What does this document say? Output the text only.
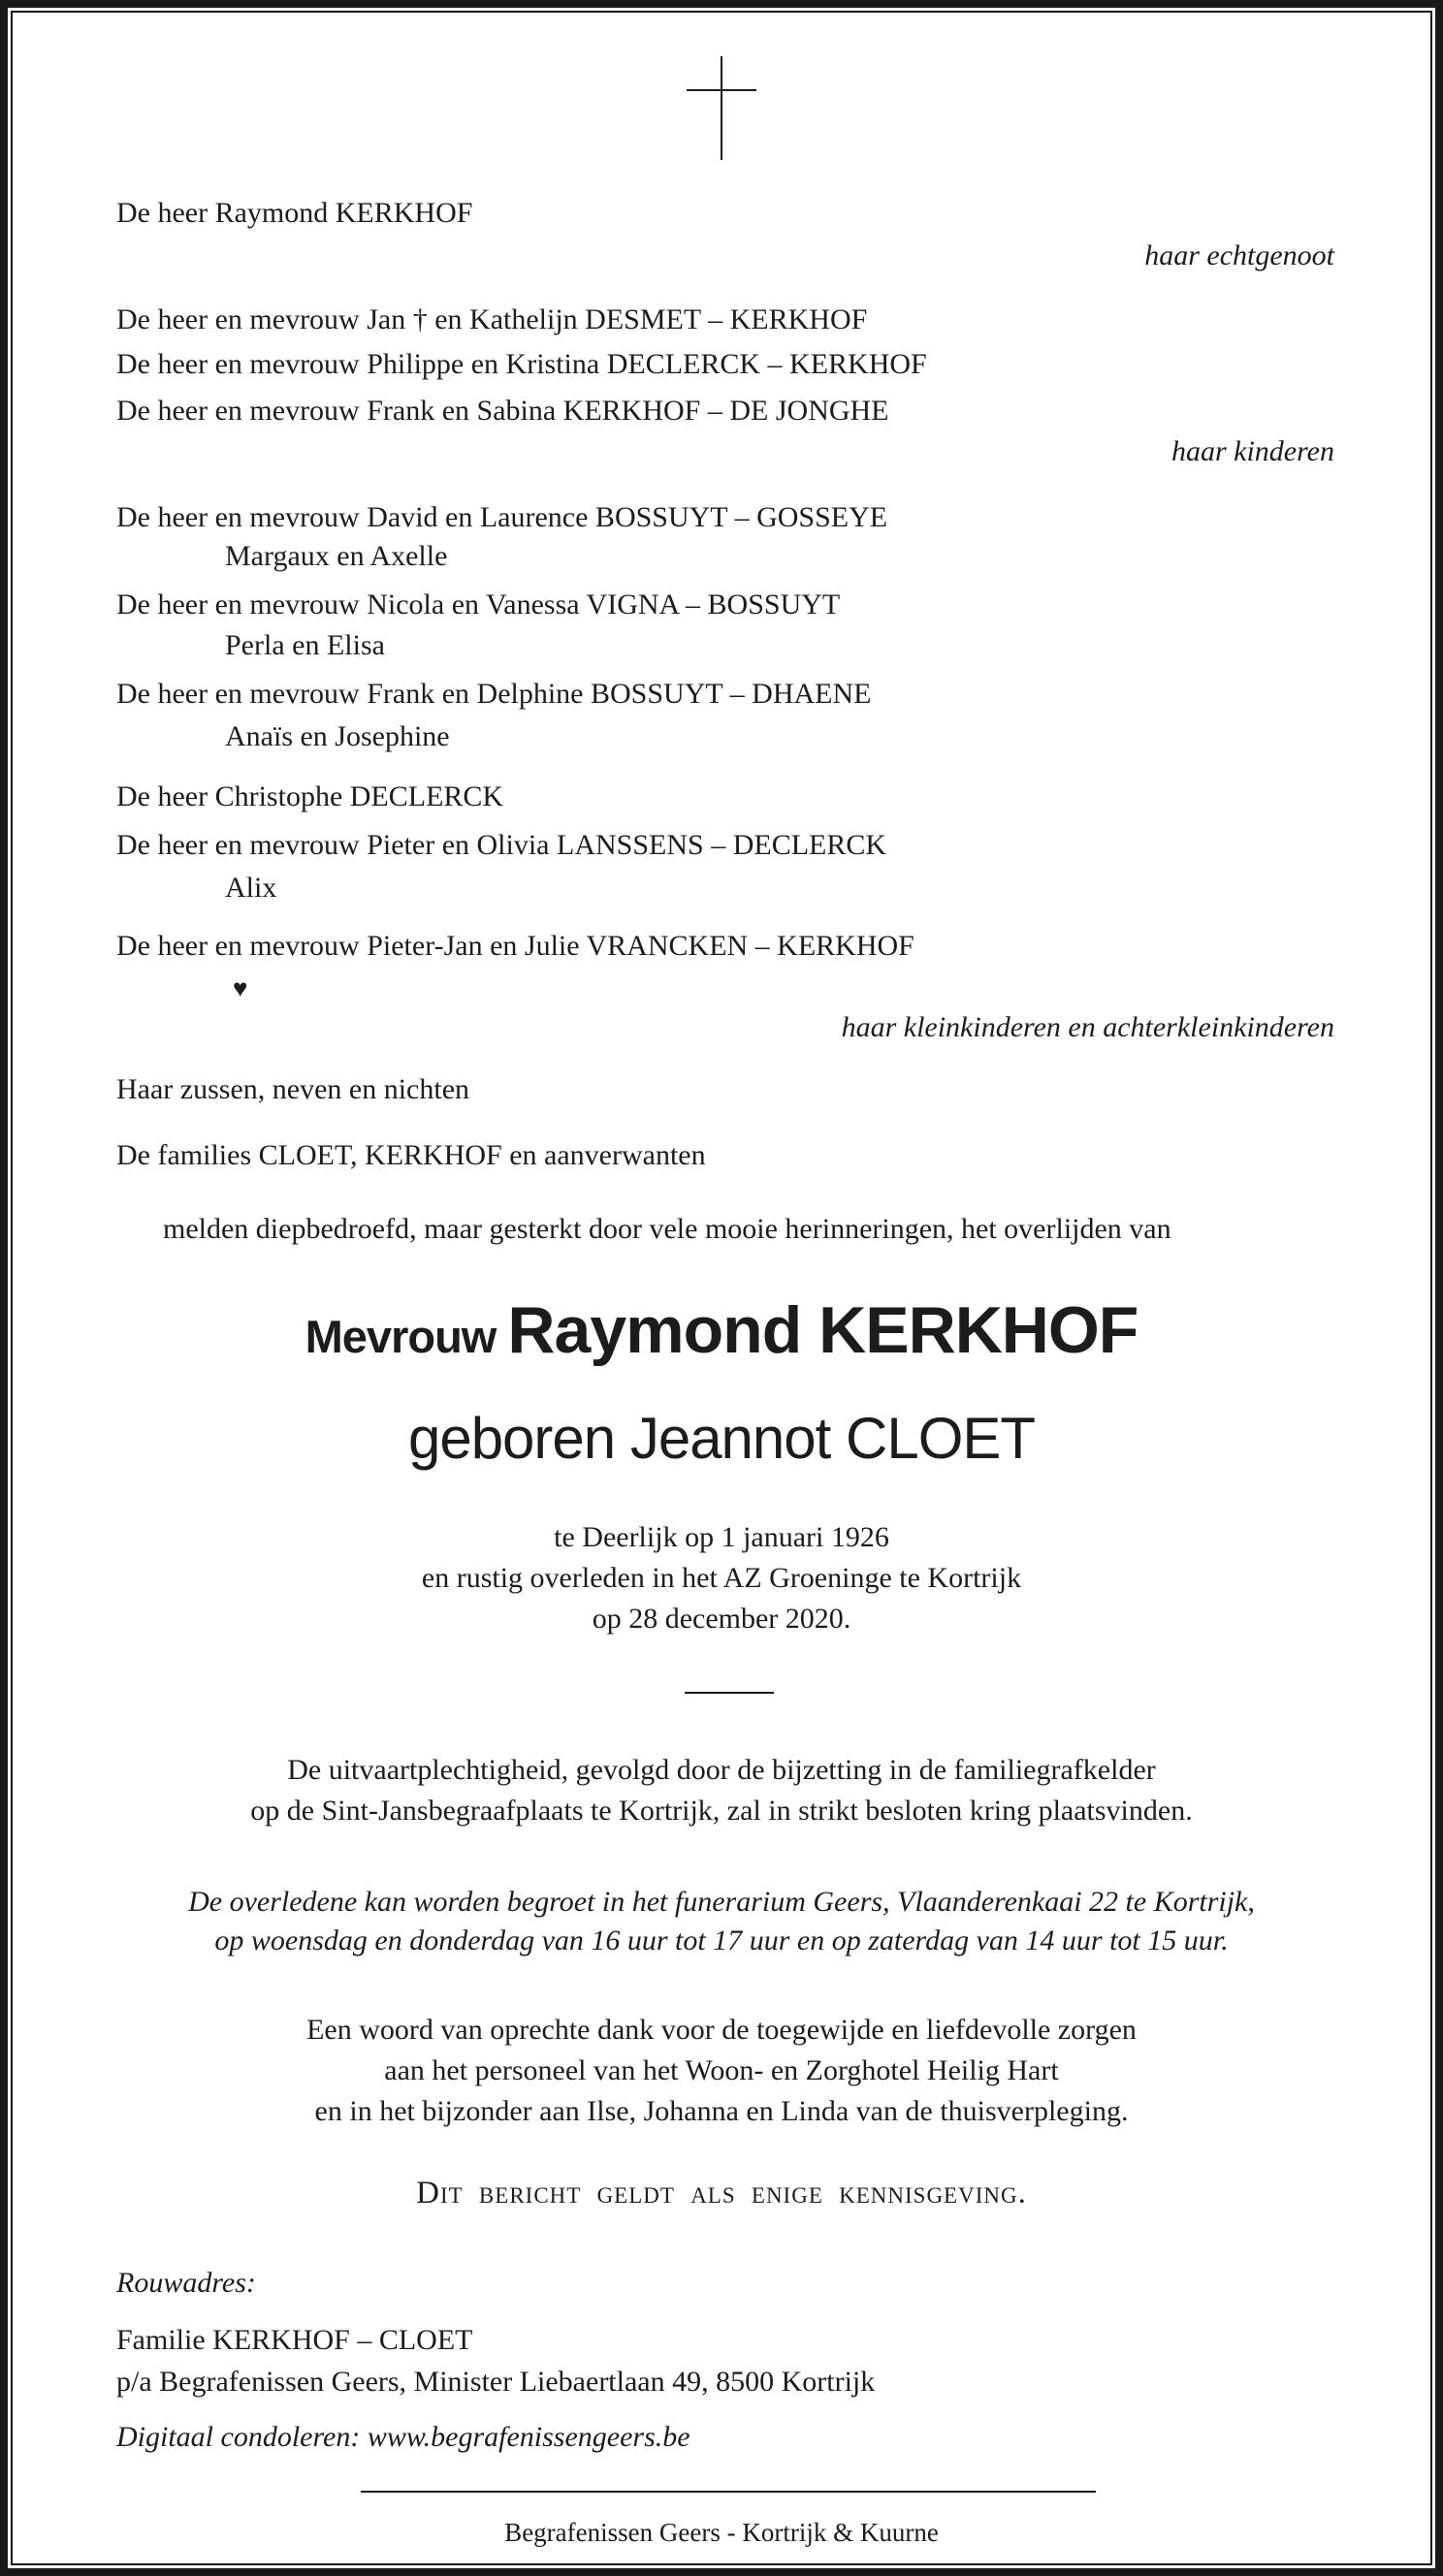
De heer Raymond KERKHOF
haar echtgenoot
De heer en mevrouw Jan † en Kathelijn DESMET – KERKHOF
De heer en mevrouw Philippe en Kristina DECLERCK – KERKHOF
De heer en mevrouw Frank en Sabina KERKHOF – DE JONGHE
haar kinderen
De heer en mevrouw David en Laurence BOSSUYT – GOSSEYE
Margaux en Axelle
De heer en mevrouw Nicola en Vanessa VIGNA – BOSSUYT
Perla en Elisa
De heer en mevrouw Frank en Delphine BOSSUYT – DHAENE
Anaïs en Josephine
De heer Christophe DECLERCK
De heer en mevrouw Pieter en Olivia LANSSENS – DECLERCK
Alix
De heer en mevrouw Pieter-Jan en Julie VRANCKEN – KERKHOF
♥
haar kleinkinderen en achterkleinkinderen
Haar zussen, neven en nichten
De families CLOET, KERKHOF en aanverwanten
melden diepbedroefd, maar gesterkt door vele mooie herinneringen, het overlijden van
Mevrouw Raymond KERKHOF
geboren Jeannot CLOET
te Deerlijk op 1 januari 1926
en rustig overleden in het AZ Groeninge te Kortrijk
op 28 december 2020.
De uitvaartplechtigheid, gevolgd door de bijzetting in de familiegrafkelder
op de Sint-Jansbegraafplaats te Kortrijk, zal in strikt besloten kring plaatsvinden.
De overledene kan worden begroet in het funerarium Geers, Vlaanderenkaai 22 te Kortrijk,
op woensdag en donderdag van 16 uur tot 17 uur en op zaterdag van 14 uur tot 15 uur.
Een woord van oprechte dank voor de toegewijde en liefdevolle zorgen
aan het personeel van het Woon- en Zorghotel Heilig Hart
en in het bijzonder aan Ilse, Johanna en Linda van de thuisverpleging.
Dit bericht geldt als enige kennisgeving.
Rouwadres:
Familie KERKHOF – CLOET
p/a Begrafenissen Geers, Minister Liebaertlaan 49, 8500 Kortrijk
Digitaal condoleren: www.begrafenissengeers.be
Begrafenissen Geers - Kortrijk & Kuurne
